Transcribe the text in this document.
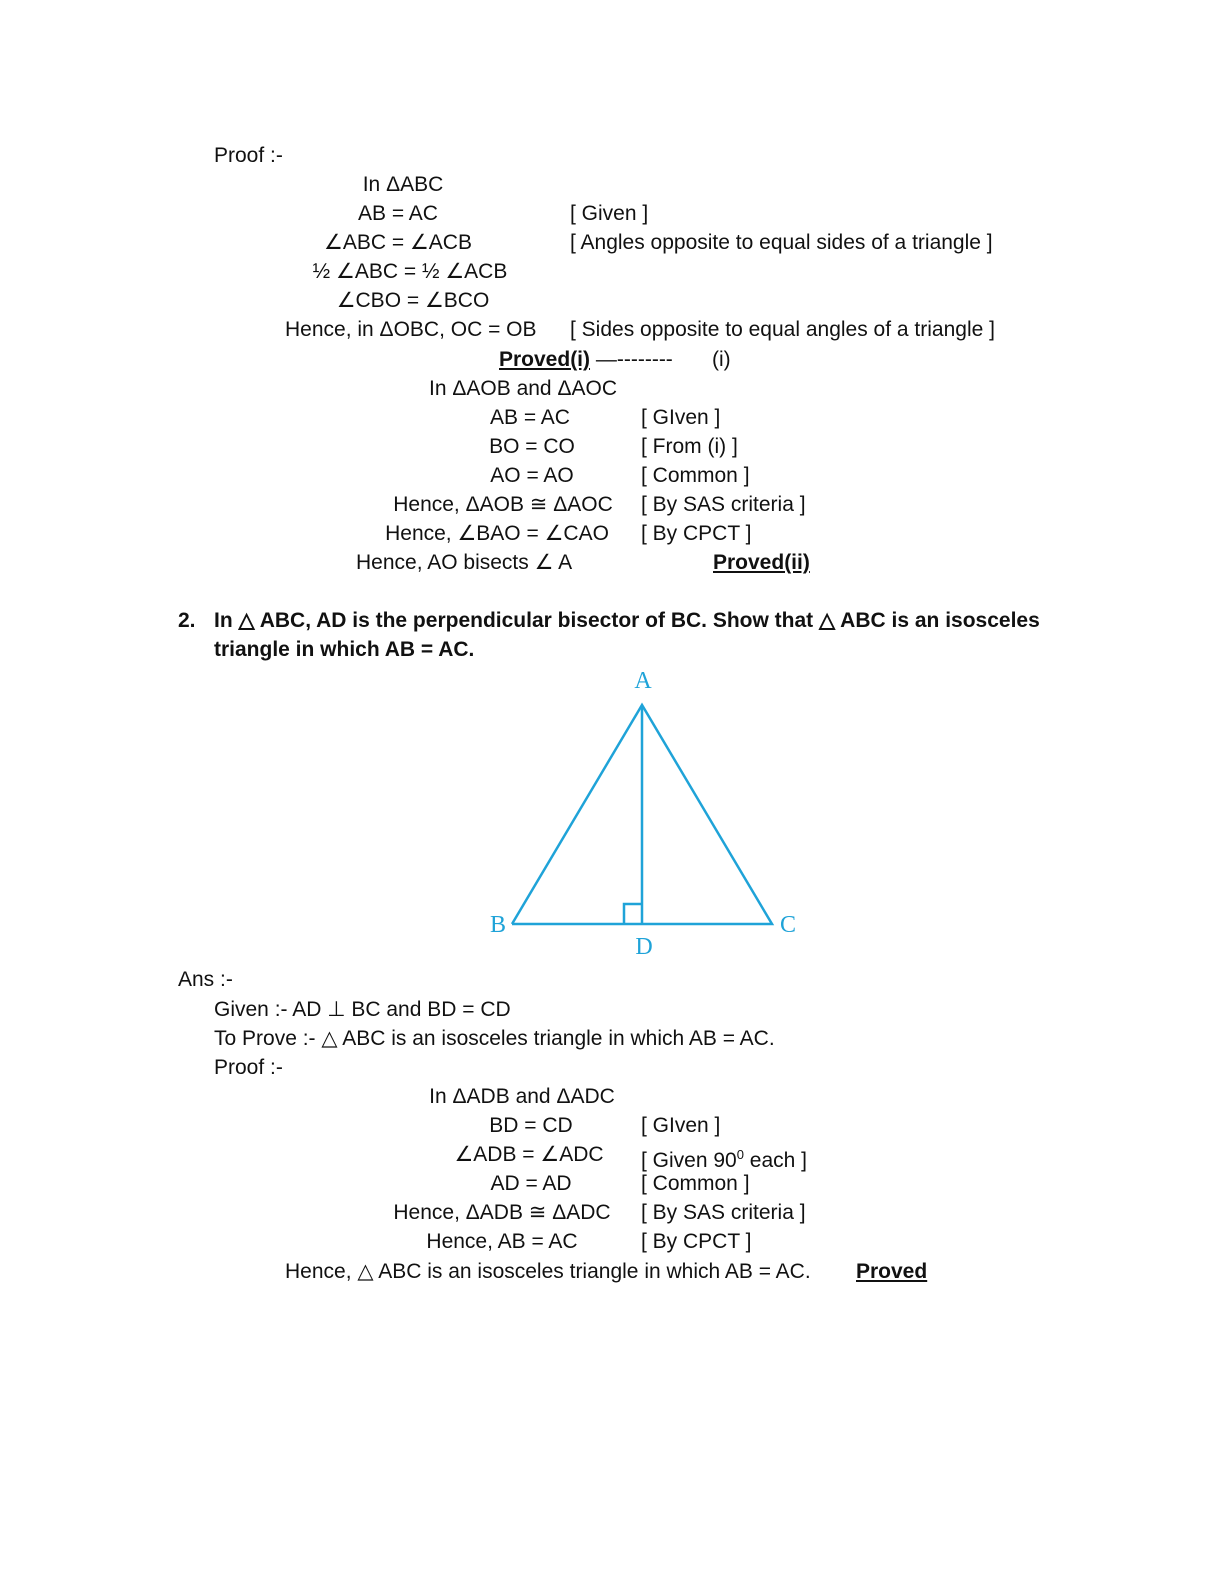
Proof :-
In ΔABC
AB = AC	[ Given ]
∠ABC = ∠ACB	[ Angles opposite to equal sides of a triangle ]
½ ∠ABC = ½ ∠ACB
∠CBO = ∠BCO
Hence, in ΔOBC, OC = OB [ Sides opposite to equal angles of a triangle ]
Proved(i) —-------- (i)
In ΔAOB and ΔAOC
AB = AC	[ GIven ]
BO = CO	[ From (i) ]
AO = AO	[ Common ]
Hence, ΔAOB ≅ ΔAOC [ By SAS criteria ]
Hence, ∠BAO = ∠CAO [ By CPCT ]
Hence, AO bisects ∠ A	Proved(ii)
2. In △ ABC, AD is the perpendicular bisector of BC. Show that △ ABC is an isosceles
triangle in which AB = AC.
A
B	C
D
Ans :-
Given :- AD ⊥ BC and BD = CD
To Prove :- △ ABC is an isosceles triangle in which AB = AC.
Proof :-
In ΔADB and ΔADC
BD = CD	[ GIven ]
∠ADB = ∠ADC [ Given $90^0$ each ]
AD = AD	[ Common ]
Hence, ΔADB ≅ ΔADC [ By SAS criteria ]
Hence, AB = AC	[ By CPCT ]
Hence, △ ABC is an isosceles triangle in which AB = AC. Proved
